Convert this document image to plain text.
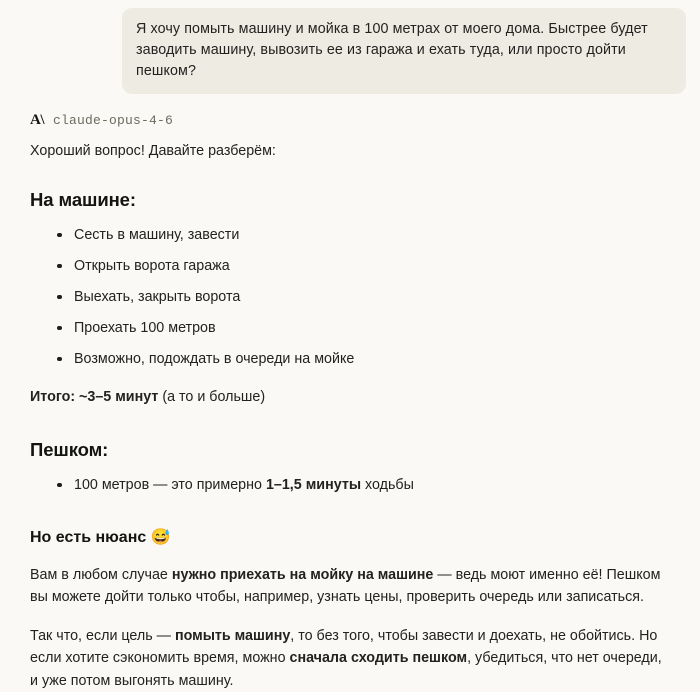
Я хочу помыть машину и мойка в 100 метрах от моего дома. Быстрее будет заводить машину, вывозить ее из гаража и ехать туда, или просто дойти пешком?
A\ claude-opus-4-6

Хороший вопрос! Давайте разберём:

На машине:
Сесть в машину, завести
Открыть ворота гаража
Выехать, закрыть ворота
Проехать 100 метров
Возможно, подождать в очереди на мойке

Итого: ~3–5 минут (а то и больше)

Пешком:
100 метров — это примерно 1–1,5 минуты ходьбы
Но есть нюанс 😅

Вам в любом случае нужно приехать на мойку на машине — ведь моют именно её! Пешком вы можете дойти только чтобы, например, узнать цены, проверить очередь или записаться.

Так что, если цель — помыть машину, то без того, чтобы завести и доехать, не обойтись. Но если хотите сэкономить время, можно сначала сходить пешком, убедиться, что нет очереди, и уже потом выгонять машину.
